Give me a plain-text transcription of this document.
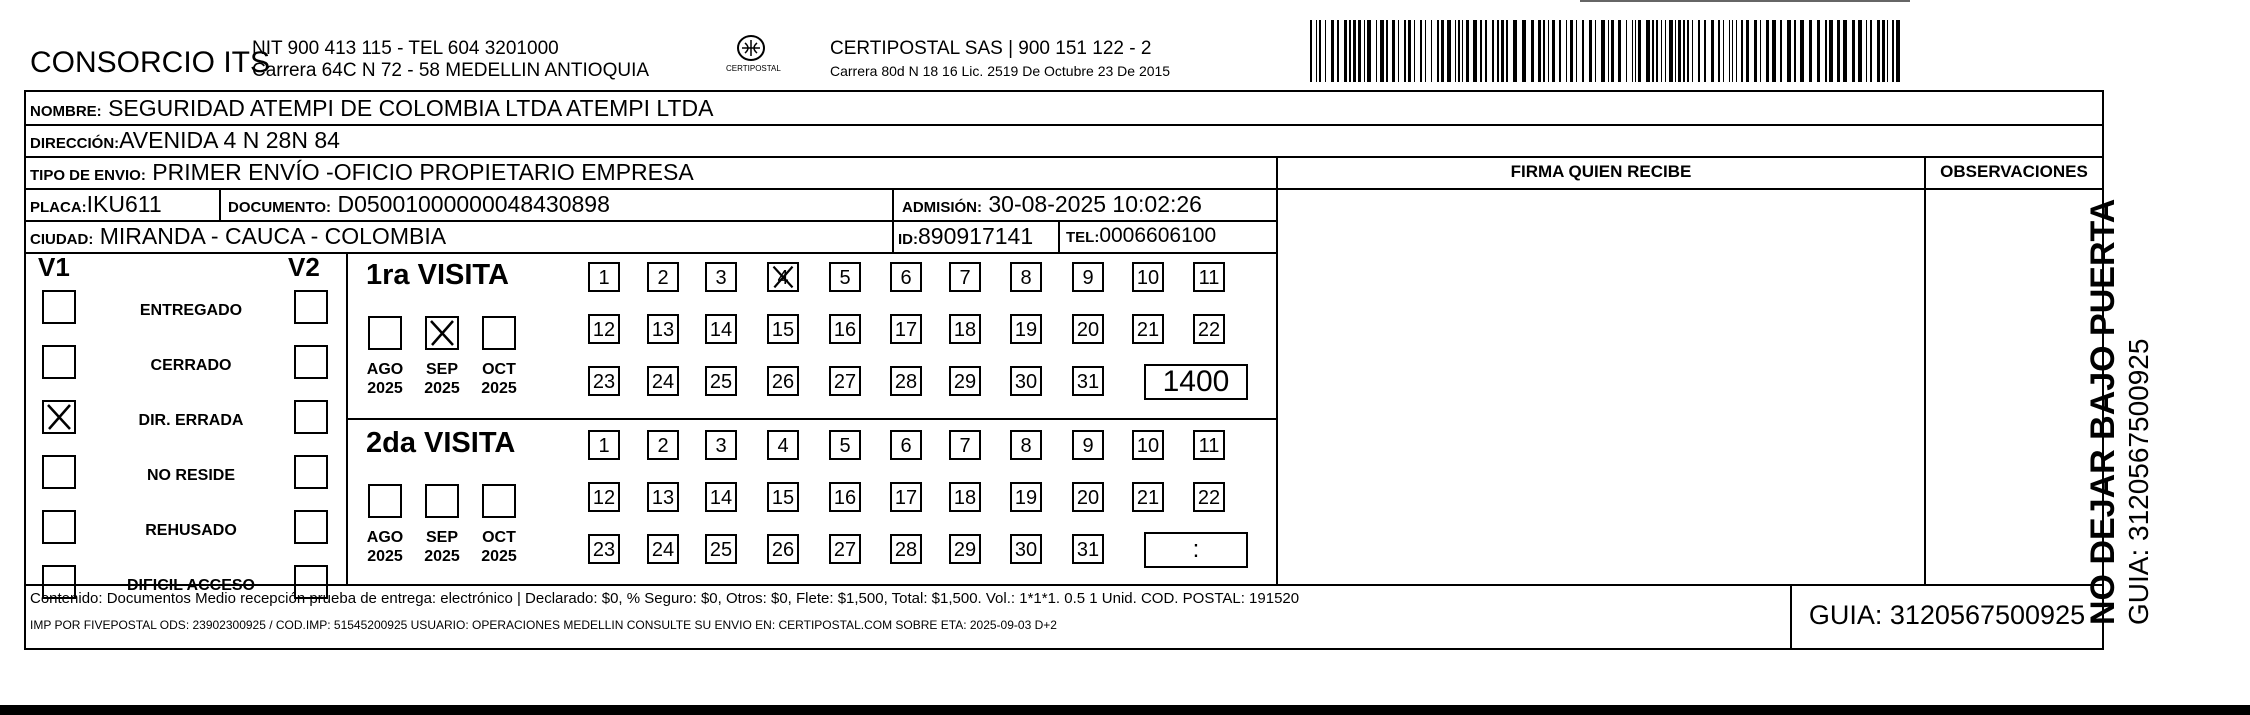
CONSORCIO ITS
NIT 900 413 115 - TEL 604 3201000
Carrera 64C N 72 - 58 MEDELLIN ANTIOQUIA	CERTIPOSTAL
CERTIPOSTAL SAS | 900 151 122 - 2
Carrera 80d N 18 16 Lic. 2519 De Octubre 23 De 2015
NOMBRE: SEGURIDAD ATEMPI DE COLOMBIA LTDA ATEMPI LTDA
DIRECCIÓN:AVENIDA 4 N 28N 84
TIPO DE ENVIO: PRIMER ENVÍO -OFICIO PROPIETARIO EMPRESA	FIRMA QUIEN RECIBE	OBSERVACIONES
PLACA:IKU611	DOCUMENTO: D05001000000048430898	ADMISIÓN: 30-08-2025 10:02:26
CIUDAD: MIRANDA - CAUCA - COLOMBIA	ID:890917141 TEL:0006606100
V1	V2
ENTREGADO
CERRADO
DIR. ERRADA
NO RESIDE
REHUSADO
DIFICIL ACCESO
1ra VISITA
AGO
2025
SEP
2025
OCT
2025
1	2	3	4	5	6	7	8	9	10 11
12 13 14 15 16 17 18 19 20 21 22
23 24 25 26 27 28 29 30 31	1400
2da VISITA
AGO
2025
SEP
2025
OCT
2025
1	2	3	4	5	6	7	8	9	10 11
12 13 14 15 16 17 18 19 20 21 22
23 24 25 26 27 28 29 30 31	:
Contenido: Documentos Medio recepción prueba de entrega: electrónico | Declarado: $0, % Seguro: $0, Otros: $0, Flete: $1,500, Total: $1,500. Vol.: 1*1*1. 0.5 1 Unid. COD. POSTAL: 191520
IMP POR FIVEPOSTAL ODS: 23902300925 / COD.IMP: 51545200925 USUARIO: OPERACIONES MEDELLIN CONSULTE SU ENVIO EN: CERTIPOSTAL.COM SOBRE ETA: 2025-09-03 D+2	GUIA: 3120567500925
NO DEJAR BAJO PUERTA GUIA: 3120567500925
